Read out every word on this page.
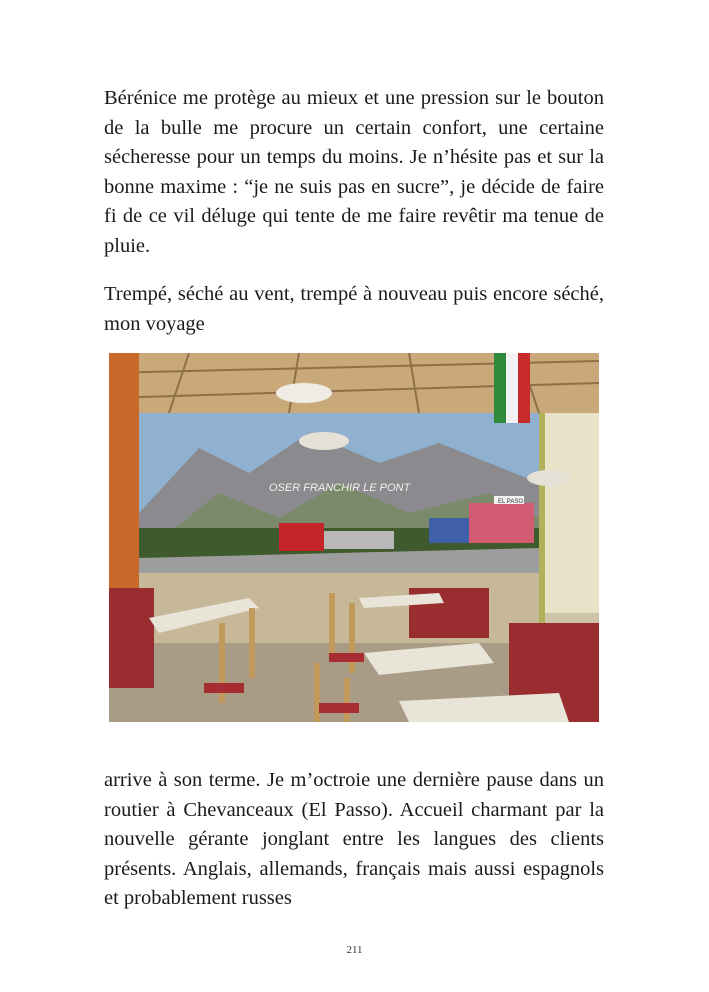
Bérénice me protège au mieux et une pression sur le bouton de la bulle me procure un certain confort, une certaine sécheresse pour un temps du moins. Je n’hésite pas et sur la bonne maxime : “je ne suis pas en sucre”, je décide de faire fi de ce vil déluge qui tente de me faire revêtir ma tenue de pluie.

Trempé, séché au vent, trempé à nouveau puis encore séché, mon voyage

EL PASO
OSER FRANCHIR LE PONT

arrive à son terme. Je m’octroie une dernière pause dans un routier à Chevanceaux (El Passo). Accueil charmant par la nouvelle gérante jonglant entre les langues des clients présents. Anglais, allemands, français mais aussi espagnols et probablement russes

211
